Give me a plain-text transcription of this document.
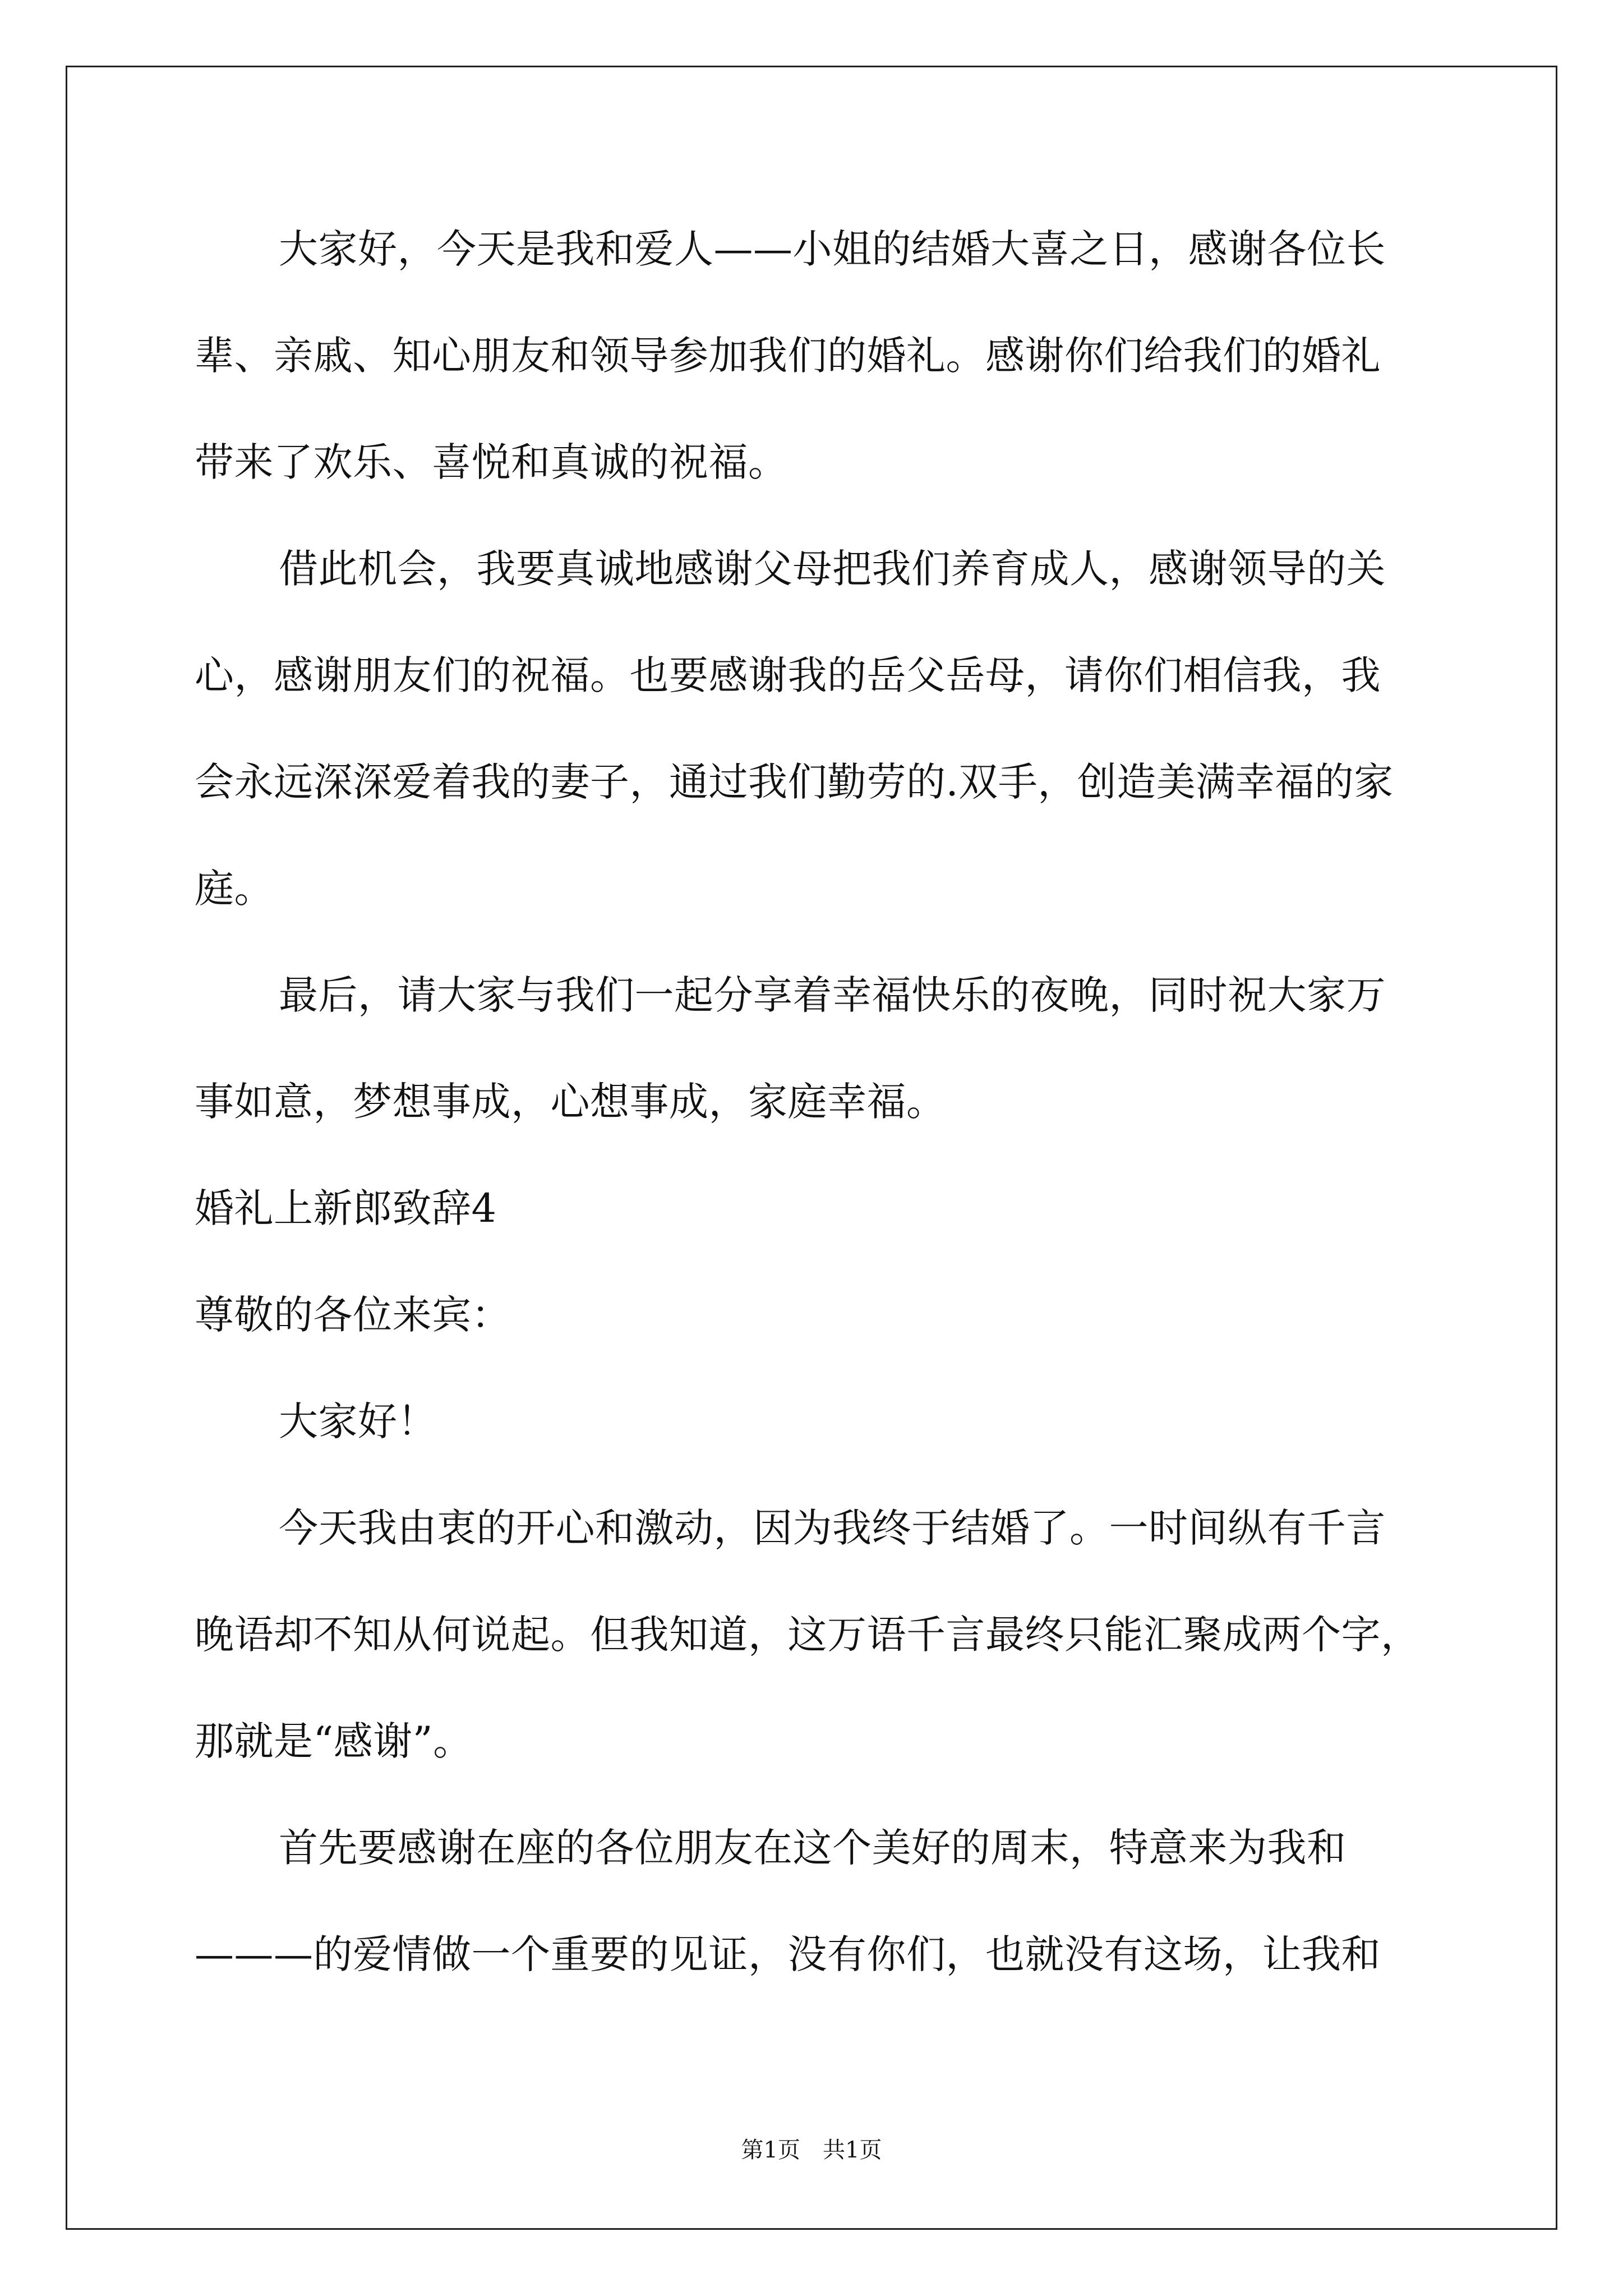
大家好，今天是我和爱人——小姐的结婚大喜之日，感谢各位长
辈、亲戚、知心朋友和领导参加我们的婚礼。感谢你们给我们的婚礼
带来了欢乐、喜悦和真诚的祝福。
借此机会，我要真诚地感谢父母把我们养育成人，感谢领导的关
心，感谢朋友们的祝福。也要感谢我的岳父岳母，请你们相信我，我
会永远深深爱着我的妻子，通过我们勤劳的.双手，创造美满幸福的家
庭。
最后，请大家与我们一起分享着幸福快乐的夜晚，同时祝大家万
事如意，梦想事成，心想事成，家庭幸福。
婚礼上新郎致辞4
尊敬的各位来宾：
大家好！
今天我由衷的开心和激动，因为我终于结婚了。一时间纵有千言
晚语却不知从何说起。但我知道，这万语千言最终只能汇聚成两个字，
那就是“感谢”。
首先要感谢在座的各位朋友在这个美好的周末，特意来为我和
———的爱情做一个重要的见证，没有你们，也就没有这场，让我和
第1页　共1页
